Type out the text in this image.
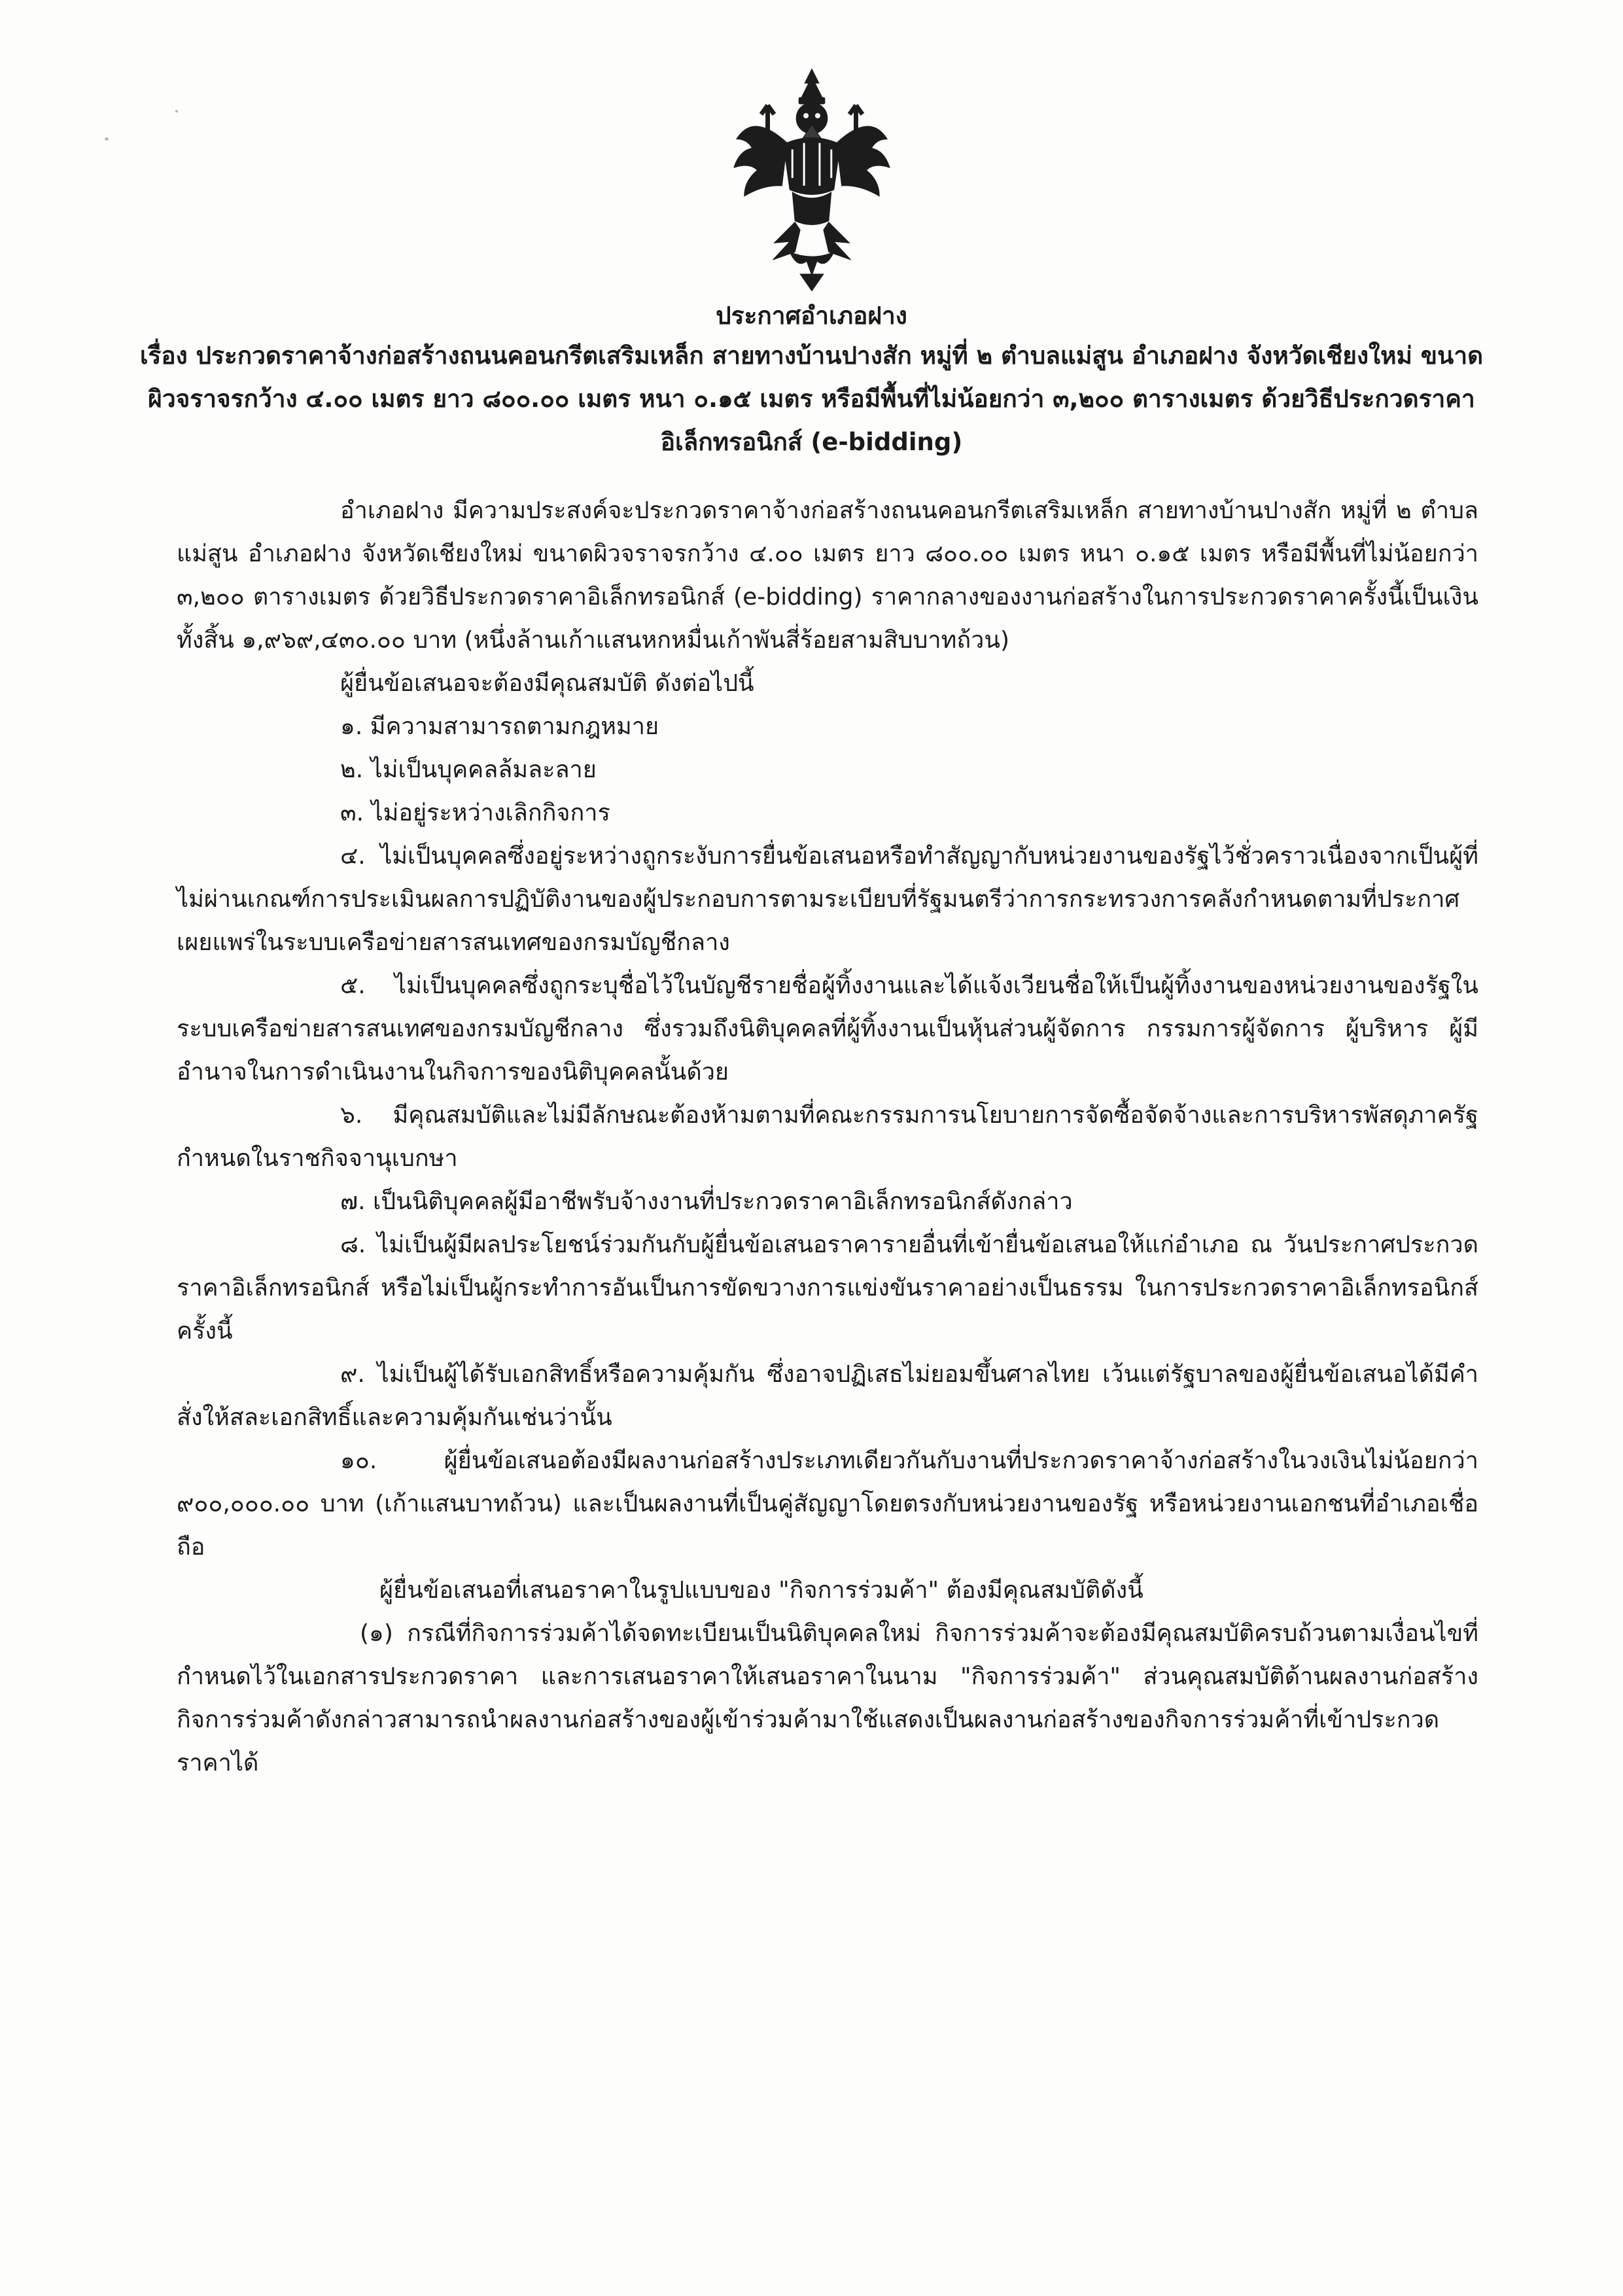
ประกาศอำเภอฝาง
เรื่อง ประกวดราคาจ้างก่อสร้างถนนคอนกรีตเสริมเหล็ก สายทางบ้านปางสัก หมู่ที่ ๒ ตำบลแม่สูน อำเภอฝาง จังหวัดเชียงใหม่ ขนาดผิวจราจรกว้าง ๔.๐๐ เมตร ยาว ๘๐๐.๐๐ เมตร หนา ๐.๑๕ เมตร หรือมีพื้นที่ไม่น้อยกว่า ๓,๒๐๐ ตารางเมตร ด้วยวิธีประกวดราคาอิเล็กทรอนิกส์ (e-bidding)

อำเภอฝาง มีความประสงค์จะประกวดราคาจ้างก่อสร้างถนนคอนกรีตเสริมเหล็ก สายทางบ้านปางสัก หมู่ที่ ๒ ตำบลแม่สูน อำเภอฝาง จังหวัดเชียงใหม่ ขนาดผิวจราจรกว้าง ๔.๐๐ เมตร ยาว ๘๐๐.๐๐ เมตร หนา ๐.๑๕ เมตร หรือมีพื้นที่ไม่น้อยกว่า ๓,๒๐๐ ตารางเมตร ด้วยวิธีประกวดราคาอิเล็กทรอนิกส์ (e-bidding) ราคากลางของงานก่อสร้างในการประกวดราคาครั้งนี้เป็นเงินทั้งสิ้น ๑,๙๖๙,๔๓๐.๐๐ บาท (หนึ่งล้านเก้าแสนหกหมื่นเก้าพันสี่ร้อยสามสิบบาทถ้วน)

ผู้ยื่นข้อเสนอจะต้องมีคุณสมบัติ ดังต่อไปนี้

๑. มีความสามารถตามกฎหมาย

๒. ไม่เป็นบุคคลล้มละลาย

๓. ไม่อยู่ระหว่างเลิกกิจการ

๔. ไม่เป็นบุคคลซึ่งอยู่ระหว่างถูกระงับการยื่นข้อเสนอหรือทำสัญญากับหน่วยงานของรัฐไว้ชั่วคราวเนื่องจากเป็นผู้ที่ไม่ผ่านเกณฑ์การประเมินผลการปฏิบัติงานของผู้ประกอบการตามระเบียบที่รัฐมนตรีว่าการกระทรวงการคลังกำหนดตามที่ประกาศเผยแพร่ในระบบเครือข่ายสารสนเทศของกรมบัญชีกลาง

๕. ไม่เป็นบุคคลซึ่งถูกระบุชื่อไว้ในบัญชีรายชื่อผู้ทิ้งงานและได้แจ้งเวียนชื่อให้เป็นผู้ทิ้งงานของหน่วยงานของรัฐในระบบเครือข่ายสารสนเทศของกรมบัญชีกลาง ซึ่งรวมถึงนิติบุคคลที่ผู้ทิ้งงานเป็นหุ้นส่วนผู้จัดการ กรรมการผู้จัดการ ผู้บริหาร ผู้มีอำนาจในการดำเนินงานในกิจการของนิติบุคคลนั้นด้วย

๖. มีคุณสมบัติและไม่มีลักษณะต้องห้ามตามที่คณะกรรมการนโยบายการจัดซื้อจัดจ้างและการบริหารพัสดุภาครัฐกำหนดในราชกิจจานุเบกษา

๗. เป็นนิติบุคคลผู้มีอาชีพรับจ้างงานที่ประกวดราคาอิเล็กทรอนิกส์ดังกล่าว

๘. ไม่เป็นผู้มีผลประโยชน์ร่วมกันกับผู้ยื่นข้อเสนอราคารายอื่นที่เข้ายื่นข้อเสนอให้แก่อำเภอ ณ วันประกาศประกวดราคาอิเล็กทรอนิกส์ หรือไม่เป็นผู้กระทำการอันเป็นการขัดขวางการแข่งขันราคาอย่างเป็นธรรม ในการประกวดราคาอิเล็กทรอนิกส์ครั้งนี้

๙. ไม่เป็นผู้ได้รับเอกสิทธิ์หรือความคุ้มกัน ซึ่งอาจปฏิเสธไม่ยอมขึ้นศาลไทย เว้นแต่รัฐบาลของผู้ยื่นข้อเสนอได้มีคำสั่งให้สละเอกสิทธิ์และความคุ้มกันเช่นว่านั้น

๑๐. ผู้ยื่นข้อเสนอต้องมีผลงานก่อสร้างประเภทเดียวกันกับงานที่ประกวดราคาจ้างก่อสร้างในวงเงินไม่น้อยกว่า ๙๐๐,๐๐๐.๐๐ บาท (เก้าแสนบาทถ้วน) และเป็นผลงานที่เป็นคู่สัญญาโดยตรงกับหน่วยงานของรัฐ หรือหน่วยงานเอกชนที่อำเภอเชื่อถือ

ผู้ยื่นข้อเสนอที่เสนอราคาในรูปแบบของ "กิจการร่วมค้า" ต้องมีคุณสมบัติดังนี้

(๑) กรณีที่กิจการร่วมค้าได้จดทะเบียนเป็นนิติบุคคลใหม่ กิจการร่วมค้าจะต้องมีคุณสมบัติครบถ้วนตามเงื่อนไขที่กำหนดไว้ในเอกสารประกวดราคา และการเสนอราคาให้เสนอราคาในนาม "กิจการร่วมค้า" ส่วนคุณสมบัติด้านผลงานก่อสร้าง กิจการร่วมค้าดังกล่าวสามารถนำผลงานก่อสร้างของผู้เข้าร่วมค้ามาใช้แสดงเป็นผลงานก่อสร้างของกิจการร่วมค้าที่เข้าประกวดราคาได้
